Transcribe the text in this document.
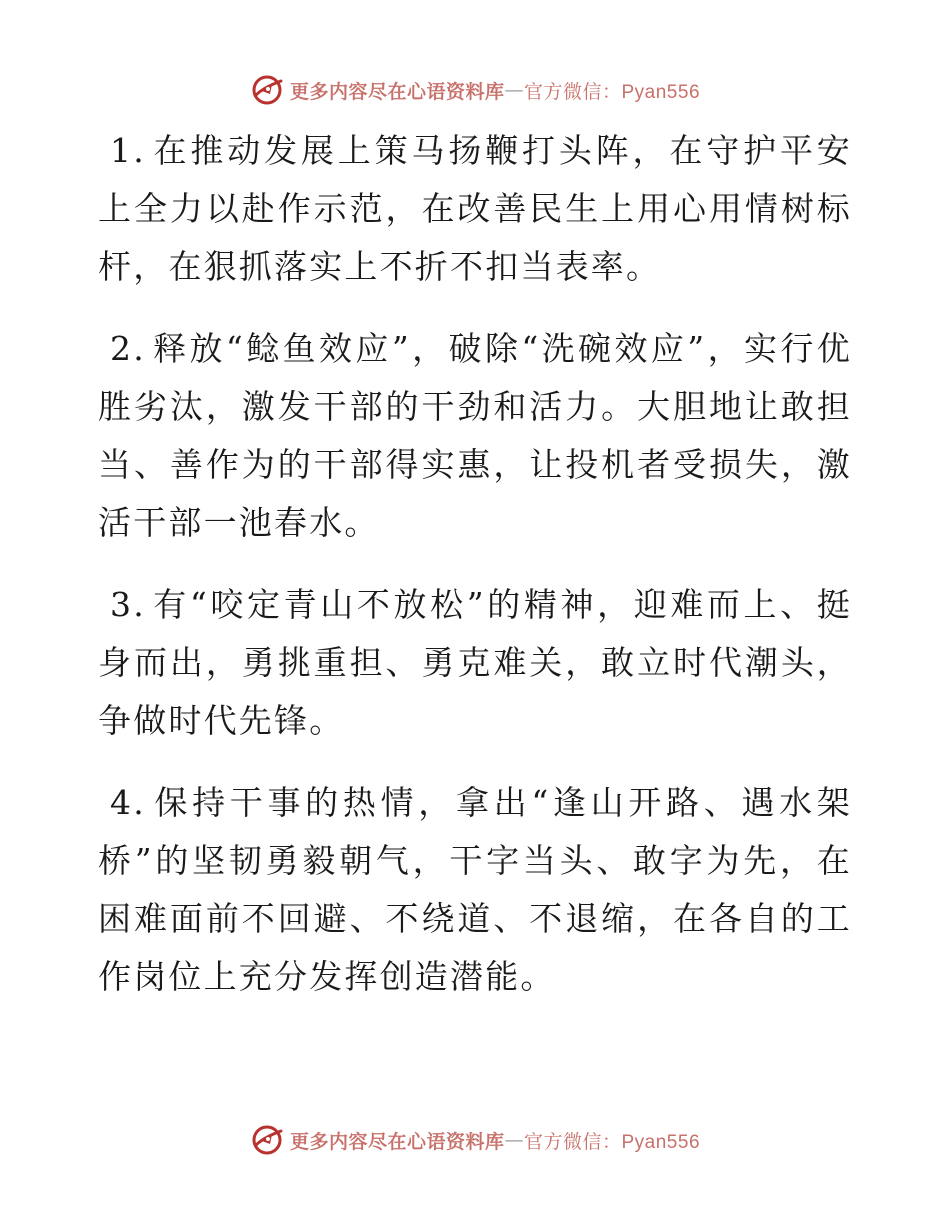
更多内容尽在心语资料库 — 官方微信：Pyan556

1. 在推动发展上策马扬鞭打头阵，在守护平安上全力以赴作示范，在改善民生上用心用情树标杆，在狠抓落实上不折不扣当表率。

2. 释放“鲶鱼效应”，破除“洗碗效应”，实行优胜劣汰，激发干部的干劲和活力。大胆地让敢担当、善作为的干部得实惠，让投机者受损失，激活干部一池春水。

3. 有“咬定青山不放松”的精神，迎难而上、挺身而出，勇挑重担、勇克难关，敢立时代潮头，争做时代先锋。

4. 保持干事的热情，拿出“逢山开路、遇水架桥”的坚韧勇毅朝气，干字当头、敢字为先，在困难面前不回避、不绕道、不退缩，在各自的工作岗位上充分发挥创造潜能。

更多内容尽在心语资料库 — 官方微信：Pyan556
